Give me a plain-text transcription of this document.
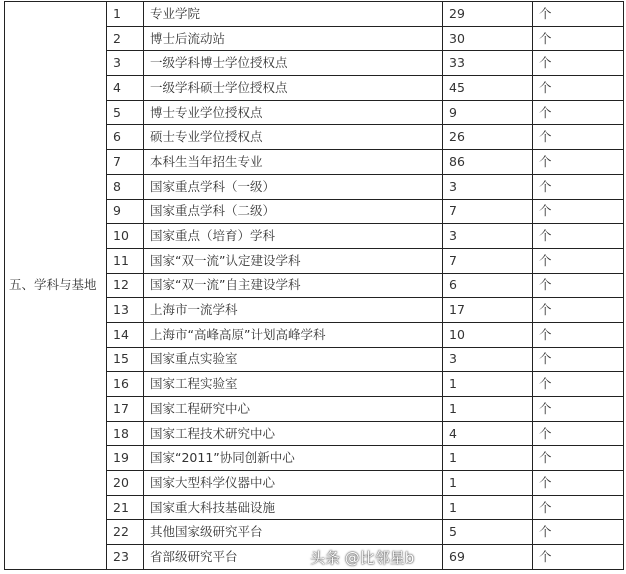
五、学科与基地	1	专业学院	29	个
	2	博士后流动站	30	个
	3	一级学科博士学位授权点	33	个
	4	一级学科硕士学位授权点	45	个
	5	博士专业学位授权点	9	个
	6	硕士专业学位授权点	26	个
	7	本科生当年招生专业	86	个
	8	国家重点学科（一级）	3	个
	9	国家重点学科（二级）	7	个
	10	国家重点（培育）学科	3	个
	11	国家“双一流”认定建设学科	7	个
	12	国家“双一流”自主建设学科	6	个
	13	上海市一流学科	17	个
	14	上海市“高峰高原”计划高峰学科	10	个
	15	国家重点实验室	3	个
	16	国家工程实验室	1	个
	17	国家工程研究中心	1	个
	18	国家工程技术研究中心	4	个
	19	国家“2011”协同创新中心	1	个
	20	国家大型科学仪器中心	1	个
	21	国家重大科技基础设施	1	个
	22	其他国家级研究平台	5	个
	23	省部级研究平台	69	个
头条 @比邻星b
